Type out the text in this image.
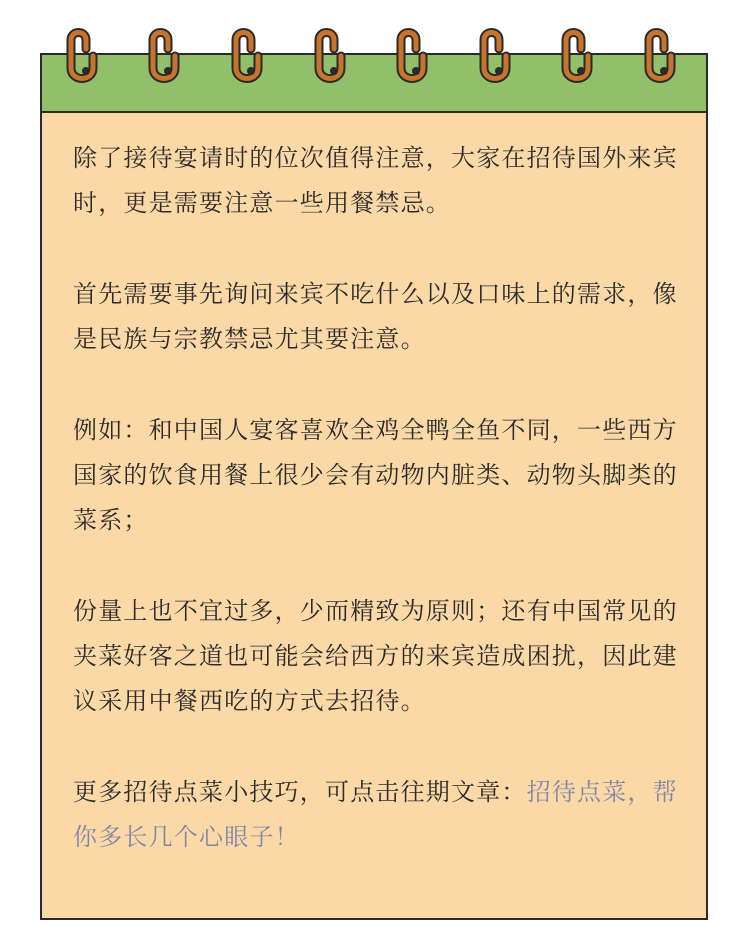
除了接待宴请时的位次值得注意，大家在招待国外来宾时，更是需要注意一些用餐禁忌。

首先需要事先询问来宾不吃什么以及口味上的需求，像是民族与宗教禁忌尤其要注意。

例如：和中国人宴客喜欢全鸡全鸭全鱼不同，一些西方国家的饮食用餐上很少会有动物内脏类、动物头脚类的菜系；

份量上也不宜过多，少而精致为原则；还有中国常见的夹菜好客之道也可能会给西方的来宾造成困扰，因此建议采用中餐西吃的方式去招待。

更多招待点菜小技巧，可点击往期文章：招待点菜，帮你多长几个心眼子！
